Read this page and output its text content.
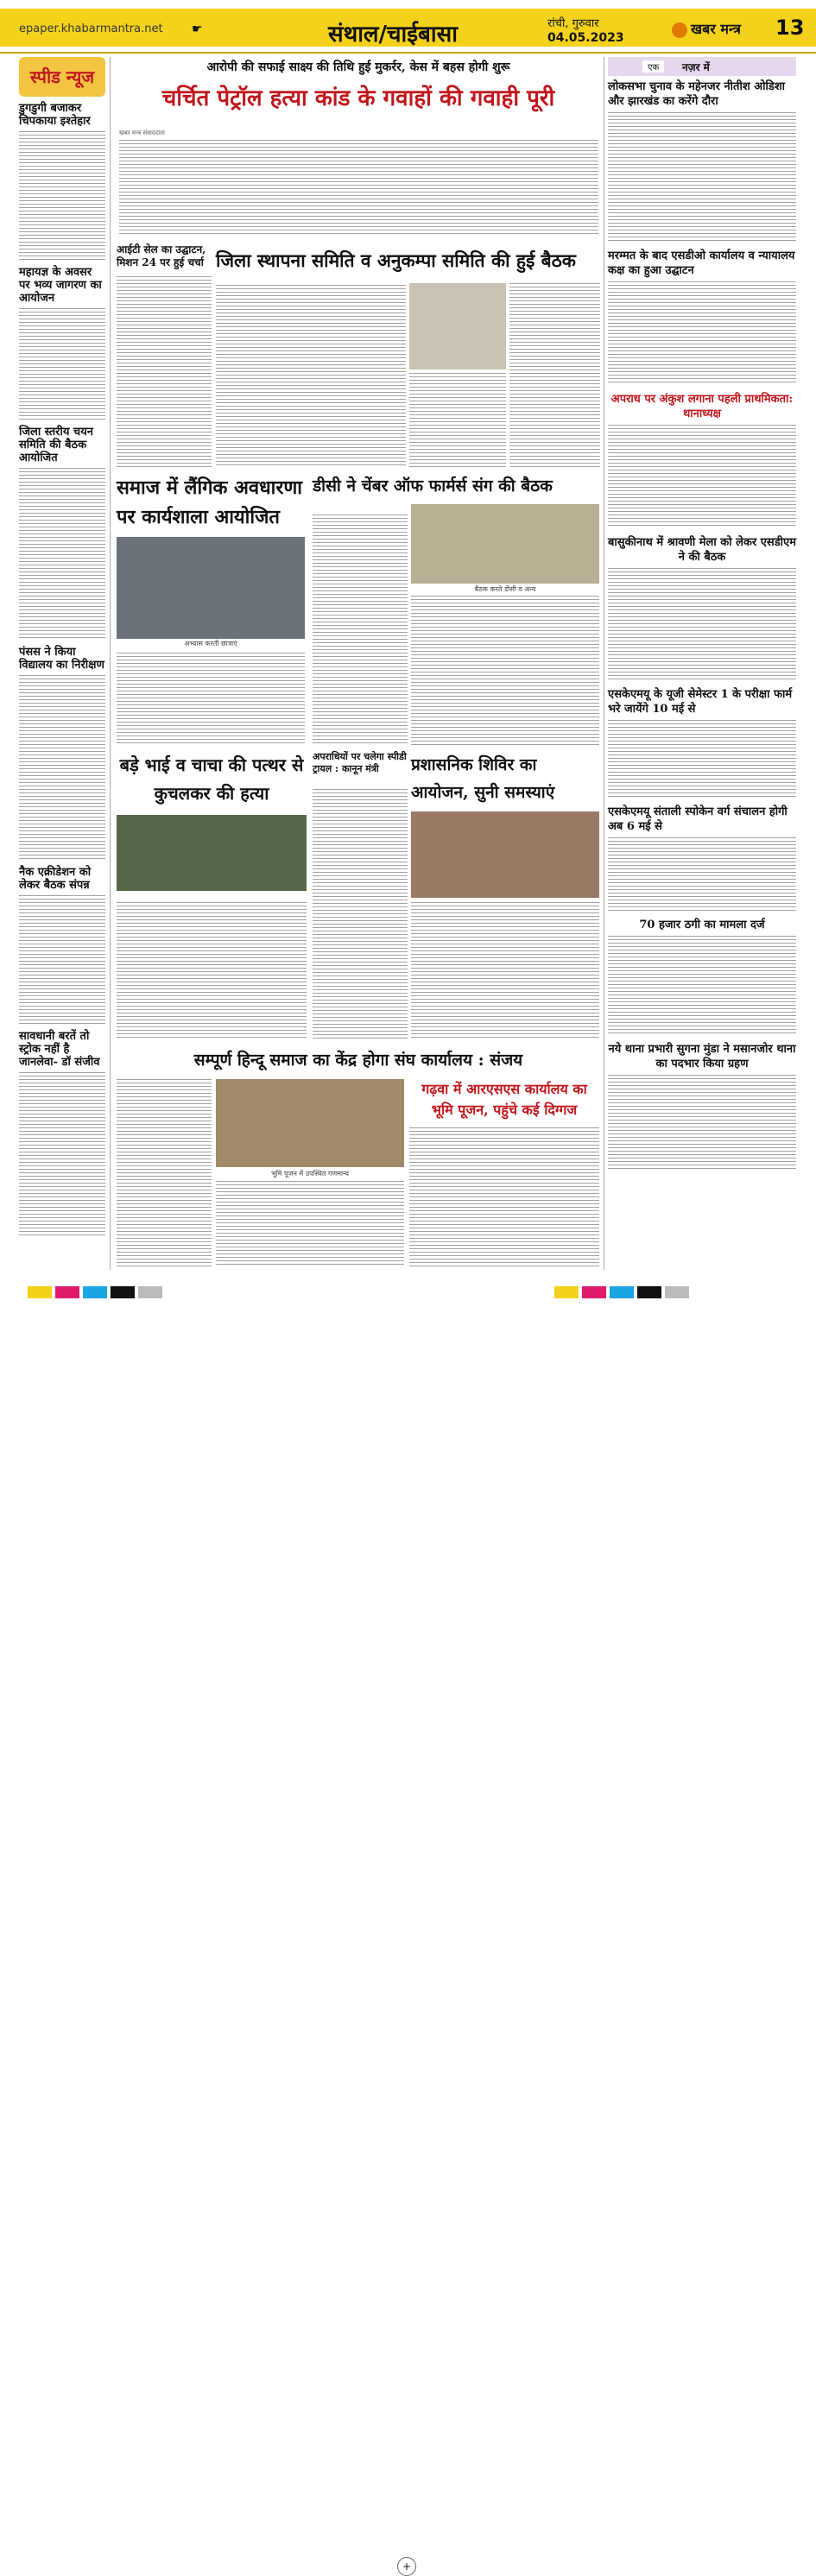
epaper.khabarmantra.net ☛	संथाल/चाईबासा	रांची, गुरुवार
04.05.2023
खबर मन्त्र 13
स्पीड न्यूज
डुगडुगी बजाकर चिपकाया इश्तेहार
महायज्ञ के अवसर पर भव्य जागरण का आयोजन
जिला स्तरीय चयन समिति की बैठक आयोजित
पंसस ने किया विद्यालय का निरीक्षण
नैक एक्रीडेशन को लेकर बैठक संपन्न
सावधानी बरतें तो स्ट्रोक नहीं है जानलेवा- डॉ संजीव
आरोपी की सफाई साक्ष्य की तिथि हुई मुकर्रर, केस में बहस होगी शुरू
चर्चित पेट्रॉल हत्या कांड के गवाहों की गवाही पूरी
खबर मन्त्र संवाददाता
आईटी सेल का उद्घाटन, मिशन 24 पर हुई चर्चा जिला स्थापना समिति व अनुकम्पा समिति की हुई बैठक
समाज में लैंगिक अवधारणा पर कार्यशाला आयोजित
अभ्यास करती छात्राएं
डीसी ने चेंबर ऑफ फार्मर्स संग की बैठक
बैठक करते डीसी व अन्य
बड़े भाई व चाचा की पत्थर से कुचलकर की हत्या
अपराधियों पर चलेगा स्पीडी ट्रायल : कानून मंत्री	प्रशासनिक शिविर का आयोजन, सुनी समस्याएं
सम्पूर्ण हिन्दू समाज का केंद्र होगा संघ कार्यालय : संजय
भूमि पूजन में उपस्थित गणमान्य
गढ़वा में आरएसएस कार्यालय का भूमि पूजन, पहुंचे कई दिग्गज
एक	नज़र में
लोकसभा चुनाव के महेनजर नीतीश ओडिशा और झारखंड का करेंगे दौरा
मरम्मत के बाद एसडीओ कार्यालय व न्यायालय कक्ष का हुआ उद्घाटन
अपराध पर अंकुश लगाना पहली प्राथमिकता: थानाध्यक्ष
बासुकीनाथ में श्रावणी मेला को लेकर एसडीएम ने की बैठक
एसकेएमयू के यूजी सेमेस्टर 1 के परीक्षा फार्म भरे जायेंगे 10 मई से
एसकेएमयू संताली स्पोकेन वर्ग संचालन होगी अब 6 मई से
70 हजार ठगी का मामला दर्ज
नये थाना प्रभारी सुगना मुंडा ने मसानजोर थाना का पदभार किया ग्रहण
+
